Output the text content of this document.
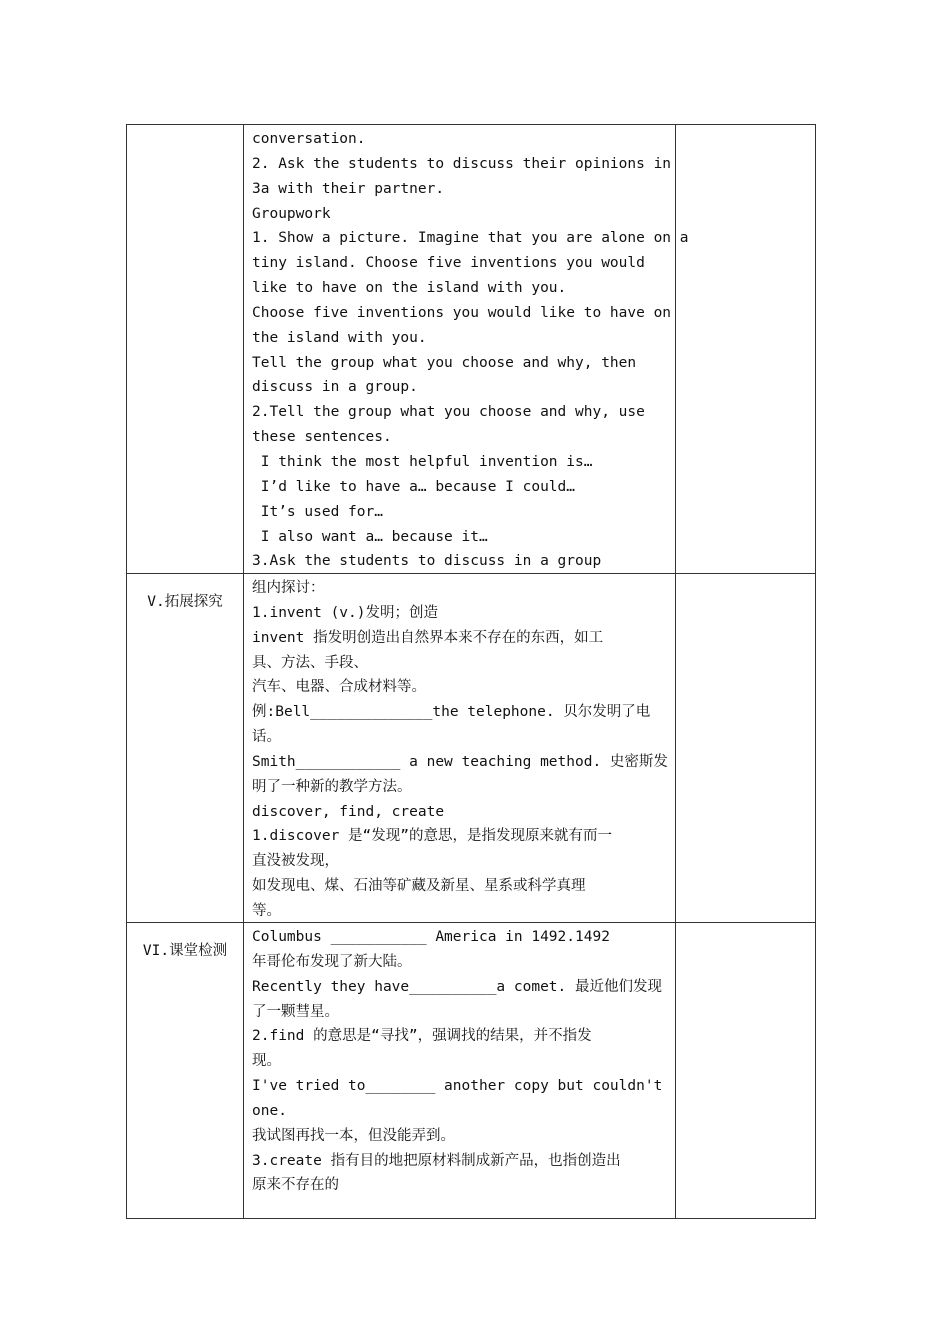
conversation.
2. Ask the students to discuss their opinions in
3a with their partner.
Groupwork
1. Show a picture. Imagine that you are alone on a
tiny island. Choose five inventions you would
like to have on the island with you.
Choose five inventions you would like to have on
the island with you.
Tell the group what you choose and why, then
discuss in a group.
2.Tell the group what you choose and why, use
these sentences.
I think the most helpful invention is…
I’d like to have a… because I could…
It’s used for…
I also want a… because it…
3.Ask the students to discuss in a group
V.拓展探究
组内探讨：
1.invent (v.)发明；创造
invent 指发明创造出自然界本来不存在的东西，如工
具、方法、手段、
汽车、电器、合成材料等。
例:Bell______________the telephone. 贝尔发明了电
话。
Smith____________ a new teaching method. 史密斯发
明了一种新的教学方法。
discover, find, create
1.discover 是“发现”的意思，是指发现原来就有而一
直没被发现，
如发现电、煤、石油等矿藏及新星、星系或科学真理
等。
VI.课堂检测
Columbus ___________ America in 1492.1492
年哥伦布发现了新大陆。
Recently they have__________a comet. 最近他们发现
了一颗彗星。
2.find 的意思是“寻找”，强调找的结果，并不指发
现。
I've tried to________ another copy but couldn't
one.
我试图再找一本，但没能弄到。
3.create 指有目的地把原材料制成新产品，也指创造出
原来不存在的
